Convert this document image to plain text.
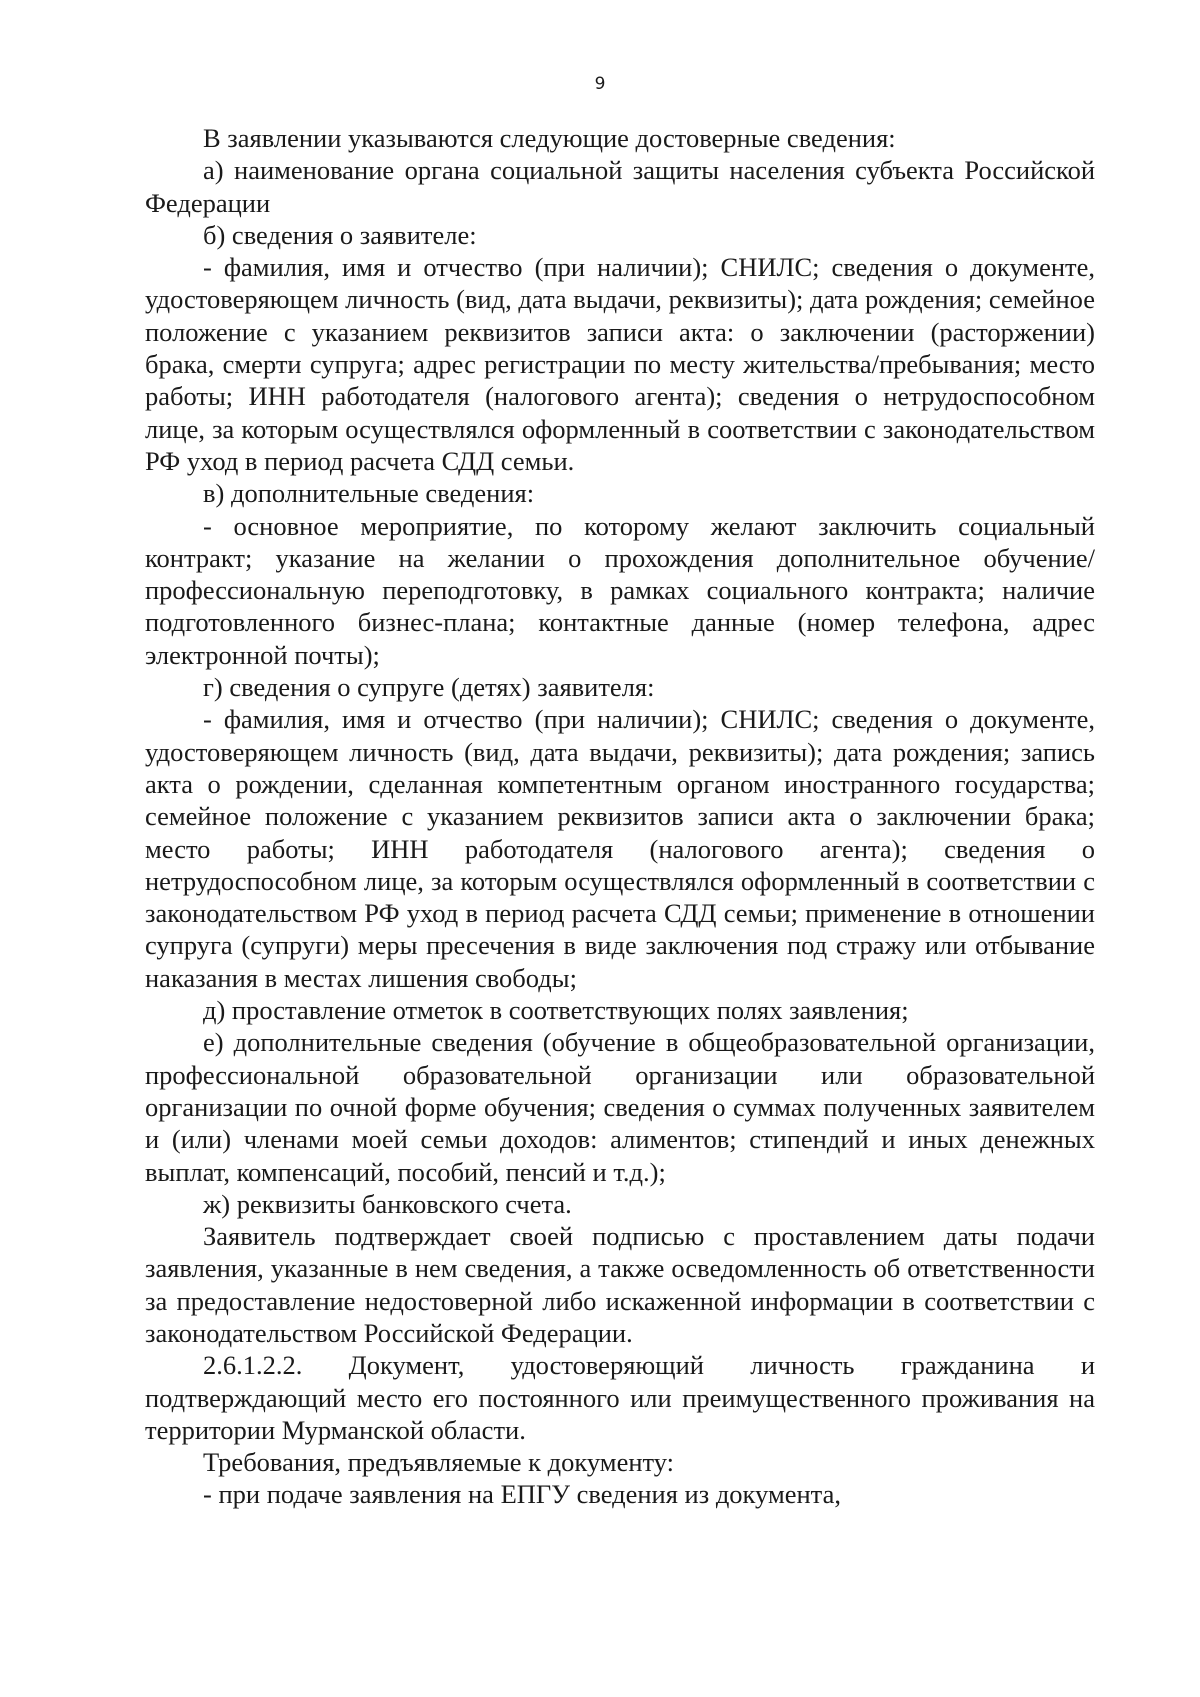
9

В заявлении указываются следующие достоверные сведения:

а) наименование органа социальной защиты населения субъекта Российской Федерации

б) сведения о заявителе:

- фамилия, имя и отчество (при наличии); СНИЛС; сведения о документе, удостоверяющем личность (вид, дата выдачи, реквизиты); дата рождения; семейное положение с указанием реквизитов записи акта: о заключении (расторжении) брака, смерти супруга; адрес регистрации по месту жительства/пребывания; место работы; ИНН работодателя (налогового агента); сведения о нетрудоспособном лице, за которым осуществлялся оформленный в соответствии с законодательством РФ уход в период расчета СДД семьи.

в) дополнительные сведения:

- основное мероприятие, по которому желают заключить социальный контракт; указание на желании о прохождения дополнительное обучение/профессиональную переподготовку, в рамках социального контракта; наличие подготовленного бизнес-плана; контактные данные (номер телефона, адрес электронной почты);

г) сведения о супруге (детях) заявителя:

- фамилия, имя и отчество (при наличии); СНИЛС; сведения о документе, удостоверяющем личность (вид, дата выдачи, реквизиты); дата рождения; запись акта о рождении, сделанная компетентным органом иностранного государства; семейное положение с указанием реквизитов записи акта о заключении брака; место работы; ИНН работодателя (налогового агента); сведения о нетрудоспособном лице, за которым осуществлялся оформленный в соответствии с законодательством РФ уход в период расчета СДД семьи; применение в отношении супруга (супруги) меры пресечения в виде заключения под стражу или отбывание наказания в местах лишения свободы;

д) проставление отметок в соответствующих полях заявления;

е) дополнительные сведения (обучение в общеобразовательной организации, профессиональной образовательной организации или образовательной организации по очной форме обучения; сведения о суммах полученных заявителем и (или) членами моей семьи доходов: алиментов; стипендий и иных денежных выплат, компенсаций, пособий, пенсий и т.д.);

ж) реквизиты банковского счета.

Заявитель подтверждает своей подписью с проставлением даты подачи заявления, указанные в нем сведения, а также осведомленность об ответственности за предоставление недостоверной либо искаженной информации в соответствии с законодательством Российской Федерации.

2.6.1.2.2. Документ, удостоверяющий личность гражданина и подтверждающий место его постоянного или преимущественного проживания на территории Мурманской области.

Требования, предъявляемые к документу:

- при подаче заявления на ЕПГУ сведения из документа,
